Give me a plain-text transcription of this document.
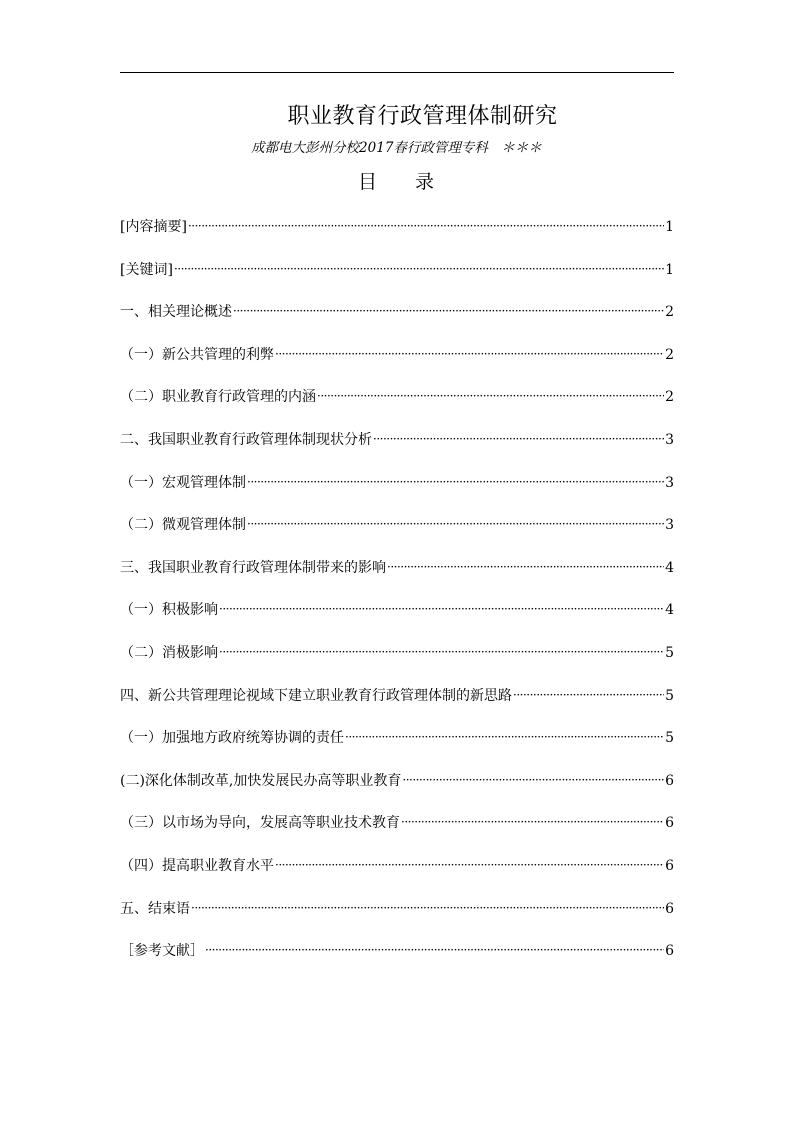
职业教育行政管理体制研究
成都电大彭州分校2017春行政管理专科　＊＊＊
目 录
[内容摘要] ·····	1
[关键词] ·····	1
一、相关理论概述 ·····	2
（一）新公共管理的利弊 ·····	2
（二）职业教育行政管理的内涵 ·····	2
二、我国职业教育行政管理体制现状分析 ·····	3
（一）宏观管理体制 ·····	3
（二）微观管理体制 ·····	3
三、我国职业教育行政管理体制带来的影响 ·····	4
（一）积极影响 ·····	4
（二）消极影响 ·····	5
四、新公共管理理论视域下建立职业教育行政管理体制的新思路 ·····	5
（一）加强地方政府统筹协调的责任 ·····	5
(二)深化体制改革,加快发展民办高等职业教育 ·····	6
（三）以市场为导向，发展高等职业技术教育 ·····	6
（四）提高职业教育水平 ·····	6
五、结束语 ·····	6
［参考文献］ ·····	6
